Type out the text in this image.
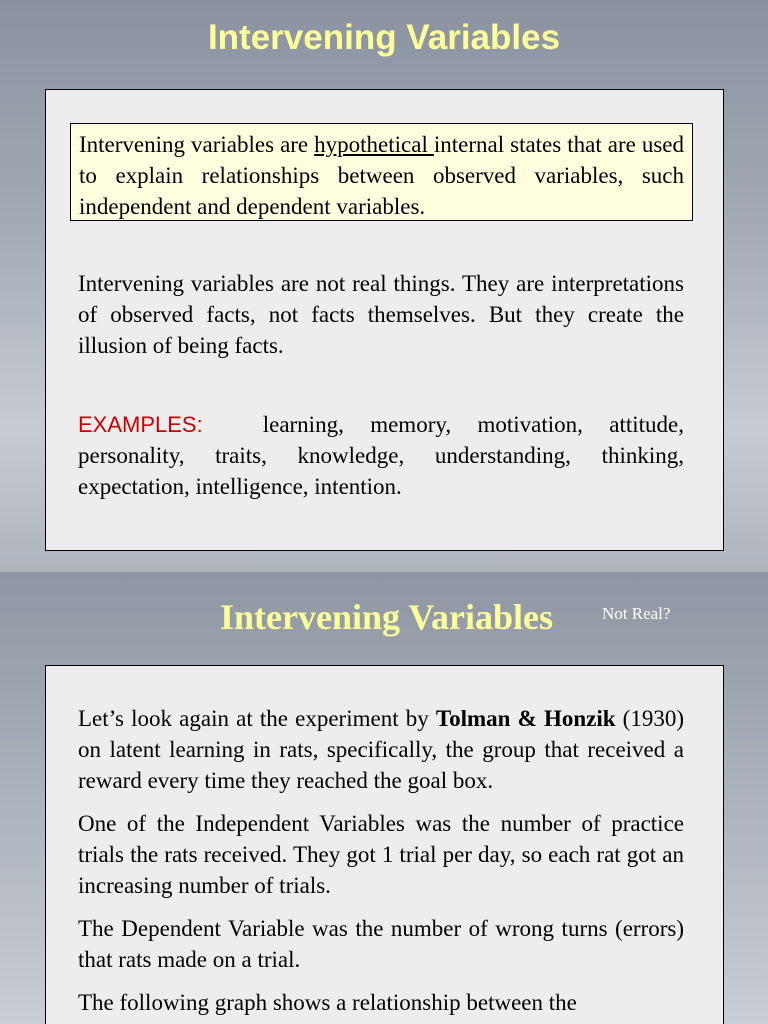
Intervening Variables

Intervening variables are hypothetical internal states that are used to explain relationships between observed variables, such independent and dependent variables.

Intervening variables are not real things. They are interpretations of observed facts, not facts themselves. But they create the illusion of being facts.

EXAMPLES:	learning, memory, motivation, attitude, personality, traits, knowledge, understanding, thinking, expectation, intelligence, intention.
Intervening Variables	Not Real?

Let’s look again at the experiment by Tolman & Honzik (1930) on latent learning in rats, specifically, the group that received a reward every time they reached the goal box.

One of the Independent Variables was the number of practice trials the rats received. They got 1 trial per day, so each rat got an increasing number of trials.

The Dependent Variable was the number of wrong turns (errors) that rats made on a trial.

The following graph shows a relationship between the
